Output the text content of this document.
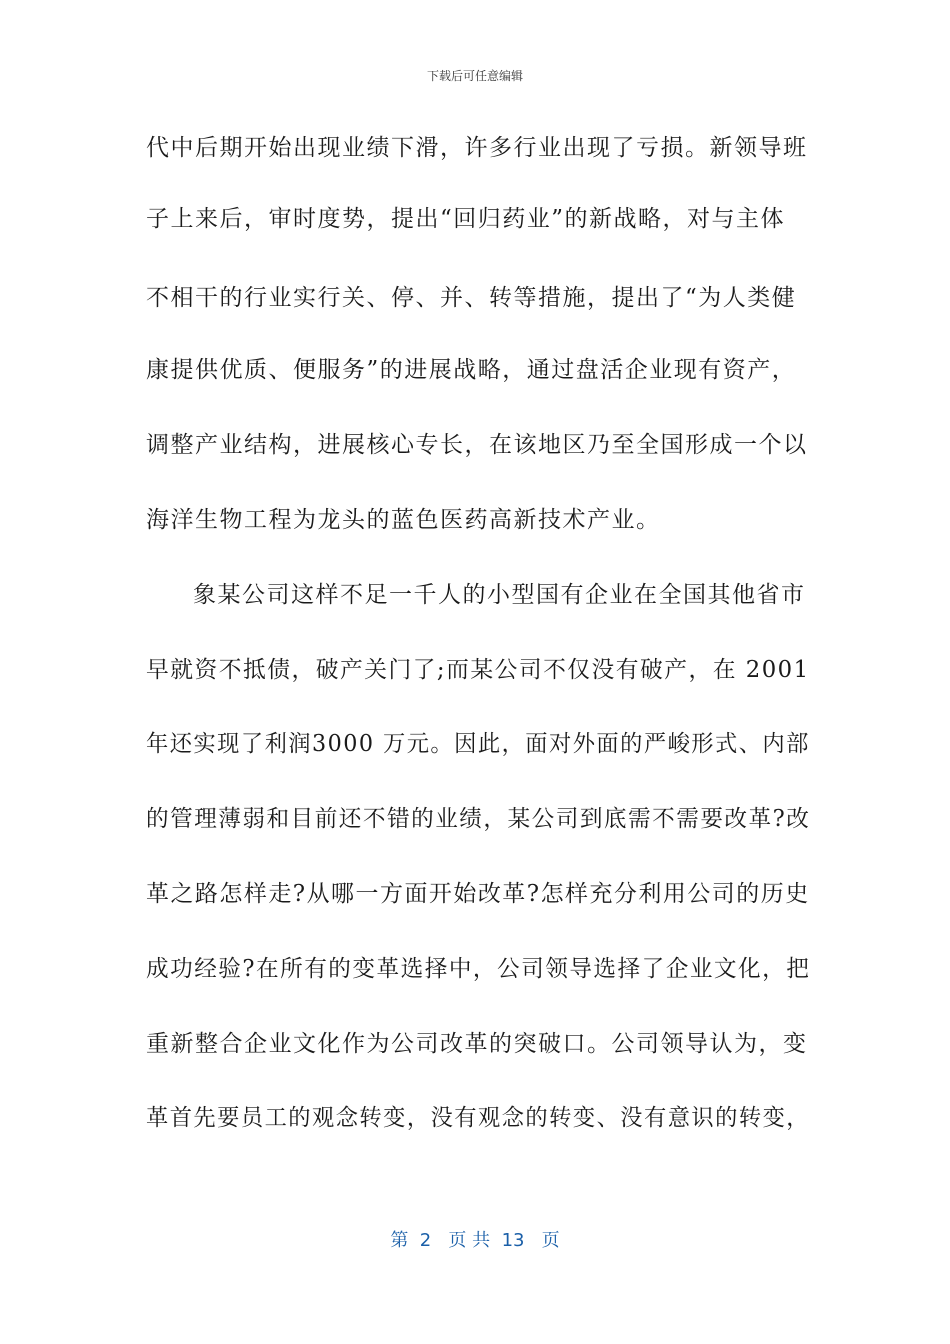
下载后可任意编辑
代中后期开始出现业绩下滑，许多行业出现了亏损。新领导班
子上来后，审时度势，提出“回归药业”的新战略，对与主体
不相干的行业实行关、停、并、转等措施，提出了“为人类健
康提供优质、便服务”的进展战略，通过盘活企业现有资产，
调整产业结构，进展核心专长，在该地区乃至全国形成一个以
海洋生物工程为龙头的蓝色医药高新技术产业。
象某公司这样不足一千人的小型国有企业在全国其他省市
早就资不抵债，破产关门了;而某公司不仅没有破产，在 2001
年还实现了利润3000 万元。因此，面对外面的严峻形式、内部
的管理薄弱和目前还不错的业绩，某公司到底需不需要改革?改
革之路怎样走?从哪一方面开始改革?怎样充分利用公司的历史
成功经验?在所有的变革选择中，公司领导选择了企业文化，把
重新整合企业文化作为公司改革的突破口。公司领导认为，变
革首先要员工的观念转变，没有观念的转变、没有意识的转变，
第  2   页 共  13   页
